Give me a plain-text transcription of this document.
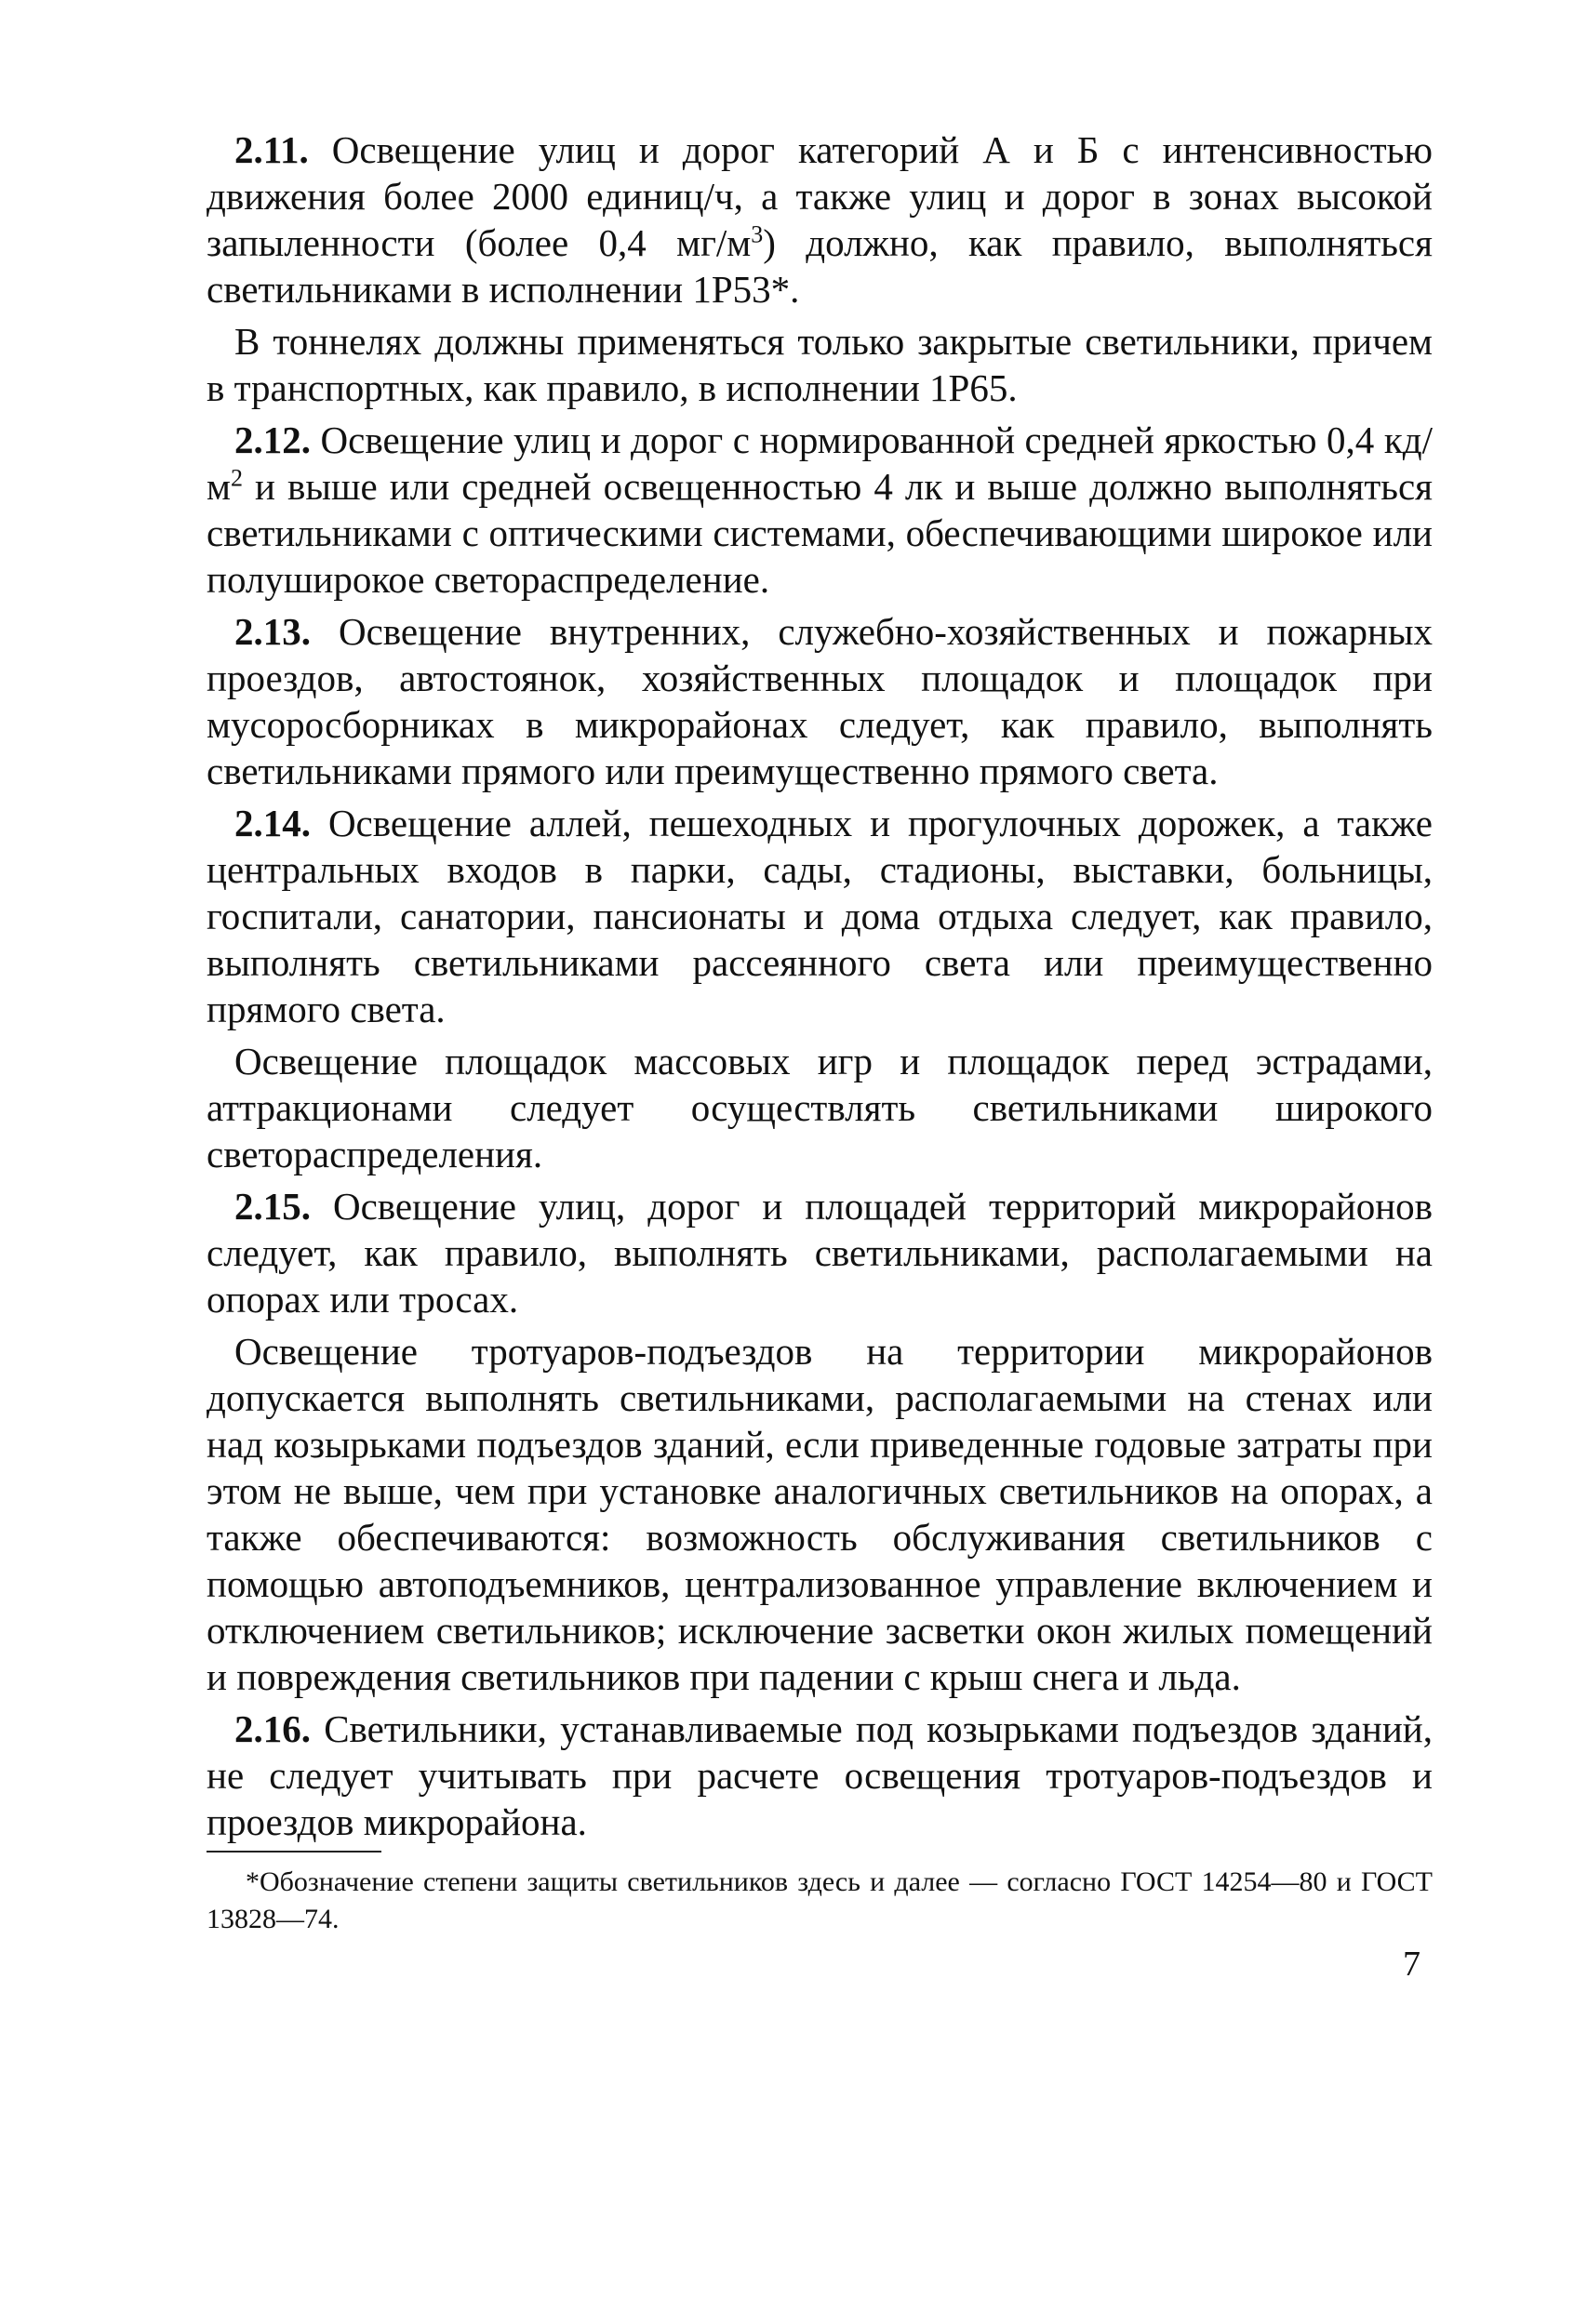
2.11. Освещение улиц и дорог категорий А и Б с интенсивностью движения более 2000 единиц/ч, а также улиц и дорог в зонах высокой запыленности (более 0,4 $мг/м^3$) должно, как правило, выполняться светильниками в исполнении 1Р53*.

В тоннелях должны применяться только закрытые светильники, причем в транспортных, как правило, в исполнении 1Р65.

2.12. Освещение улиц и дорог с нормированной средней яркостью 0,4 $кд/м^2$ и выше или средней освещенностью 4 лк и выше должно выполняться светильниками с оптическими системами, обеспечивающими широкое или полуширокое светораспределение.

2.13. Освещение внутренних, служебно-хозяйственных и пожарных проездов, автостоянок, хозяйственных площадок и площадок при мусоросборниках в микрорайонах следует, как правило, выполнять светильниками прямого или преимущественно прямого света.

2.14. Освещение аллей, пешеходных и прогулочных дорожек, а также центральных входов в парки, сады, стадионы, выставки, больницы, госпитали, санатории, пансионаты и дома отдыха следует, как правило, выполнять светильниками рассеянного света или преимущественно прямого света.

Освещение площадок массовых игр и площадок перед эстрадами, аттракционами следует осуществлять светильниками широкого светораспределения.

2.15. Освещение улиц, дорог и площадей территорий микрорайонов следует, как правило, выполнять светильниками, располагаемыми на опорах или тросах.

Освещение тротуаров-подъездов на территории микрорайонов допускается выполнять светильниками, располагаемыми на стенах или над козырьками подъездов зданий, если приведенные годовые затраты при этом не выше, чем при установке аналогичных светильников на опорах, а также обеспечиваются: возможность обслуживания светильников с помощью автоподъемников, централизованное управление включением и отключением светильников; исключение засветки окон жилых помещений и повреждения светильников при падении с крыш снега и льда.

2.16. Светильники, устанавливаемые под козырьками подъездов зданий, не следует учитывать при расчете освещения тротуаров-подъездов и проездов микрорайона.

*Обозначение степени защиты светильников здесь и далее — согласно ГОСТ 14254—80 и ГОСТ 13828—74.

7
